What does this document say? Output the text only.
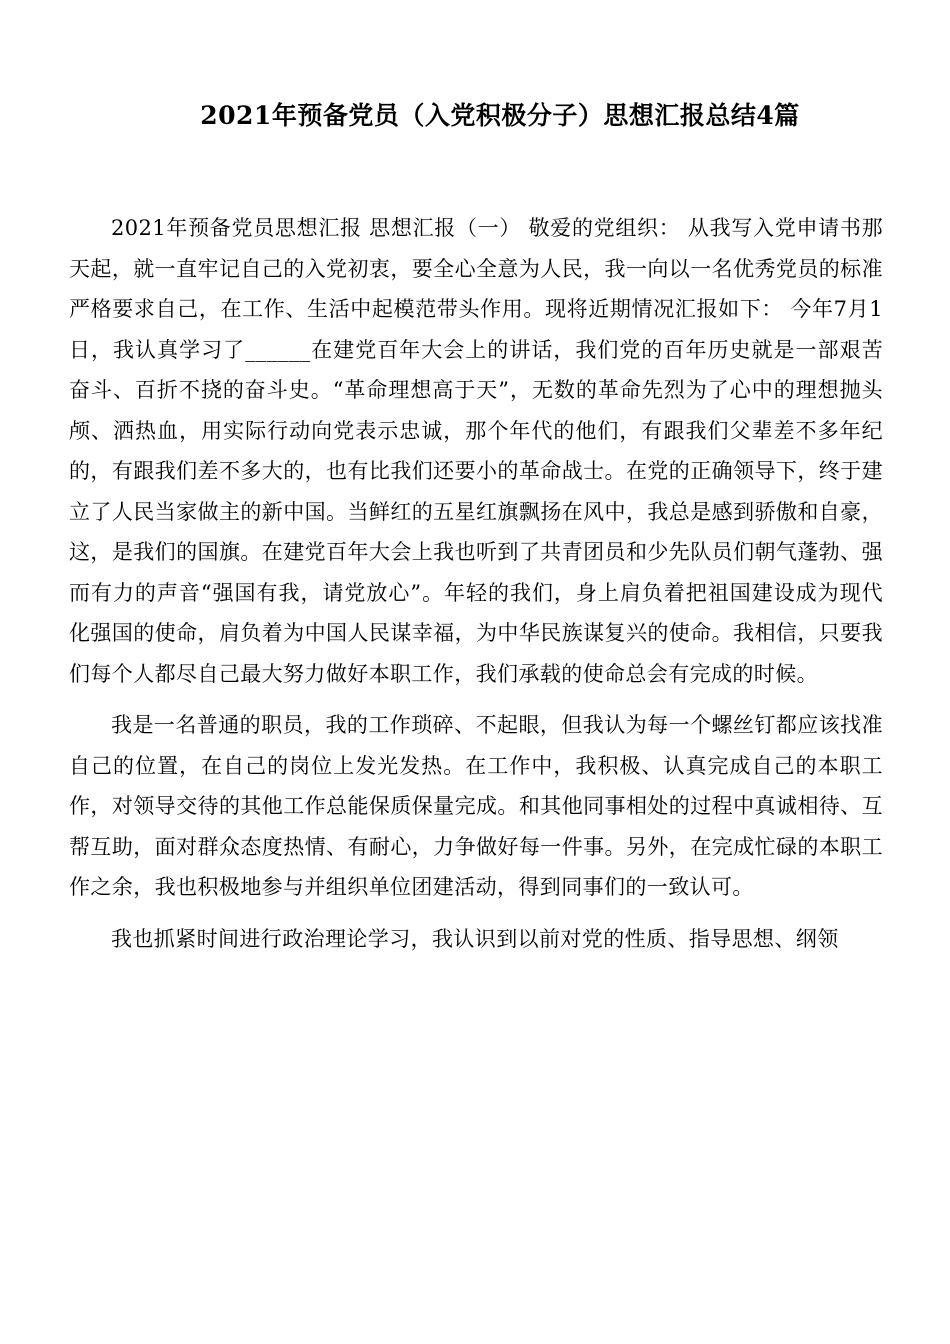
2021年预备党员（入党积极分子）思想汇报总结4篇

2021年预备党员思想汇报 思想汇报（一） 敬爱的党组织： 从我写入党申请书那天起，就一直牢记自己的入党初衷，要全心全意为人民，我一向以一名优秀党员的标准严格要求自己，在工作、生活中起模范带头作用。现将近期情况汇报如下： 今年7月1日，我认真学习了______在建党百年大会上的讲话，我们党的百年历史就是一部艰苦奋斗、百折不挠的奋斗史。“革命理想高于天”，无数的革命先烈为了心中的理想抛头颅、洒热血，用实际行动向党表示忠诚，那个年代的他们，有跟我们父辈差不多年纪的，有跟我们差不多大的，也有比我们还要小的革命战士。在党的正确领导下，终于建立了人民当家做主的新中国。当鲜红的五星红旗飘扬在风中，我总是感到骄傲和自豪，这，是我们的国旗。在建党百年大会上我也听到了共青团员和少先队员们朝气蓬勃、强而有力的声音“强国有我，请党放心”。年轻的我们，身上肩负着把祖国建设成为现代化强国的使命，肩负着为中国人民谋幸福，为中华民族谋复兴的使命。我相信，只要我们每个人都尽自己最大努力做好本职工作，我们承载的使命总会有完成的时候。

我是一名普通的职员，我的工作琐碎、不起眼，但我认为每一个螺丝钉都应该找准自己的位置，在自己的岗位上发光发热。在工作中，我积极、认真完成自己的本职工作，对领导交待的其他工作总能保质保量完成。和其他同事相处的过程中真诚相待、互帮互助，面对群众态度热情、有耐心，力争做好每一件事。另外，在完成忙碌的本职工作之余，我也积极地参与并组织单位团建活动，得到同事们的一致认可。

我也抓紧时间进行政治理论学习，我认识到以前对党的性质、指导思想、纲领
